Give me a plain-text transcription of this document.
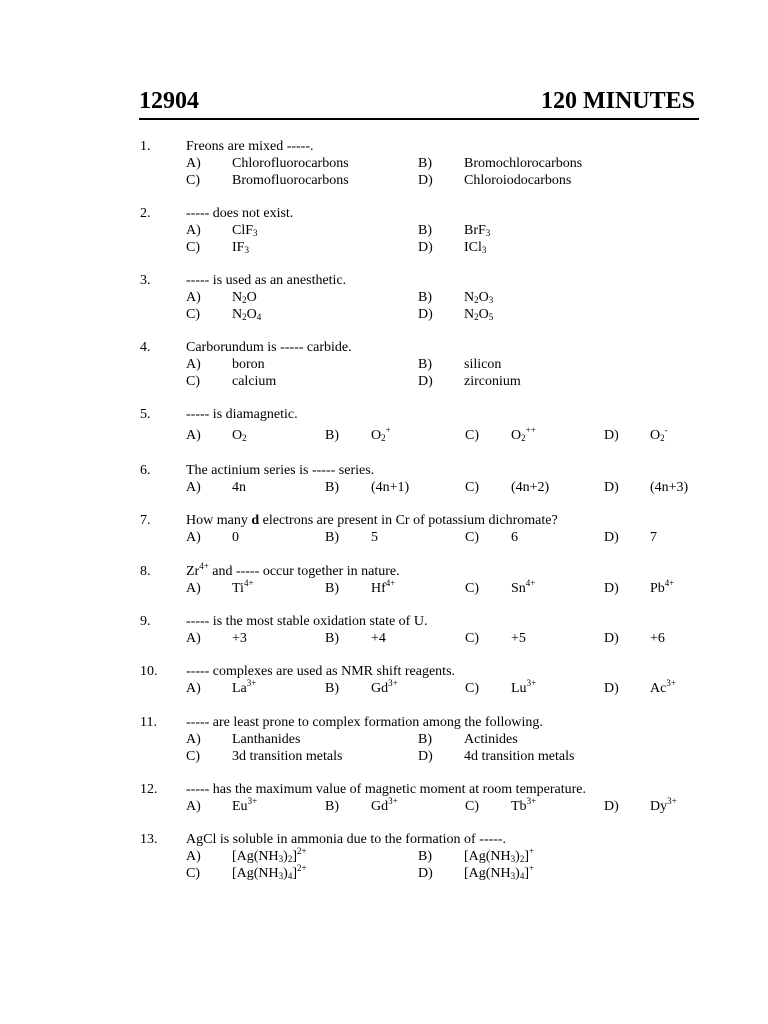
12904	120 MINUTES
1.	Freons are mixed -----.
A) Chlorofluorocarbons	B) Bromochlorocarbons
C) Bromofluorocarbons	D) Chloroiodocarbons
2.	----- does not exist.
A) ClF$_3$	B) BrF$_3$
C) $IF_3$	D) ICl$_3$
3.	----- is used as an anesthetic.
A) $N_2O$	B) $N_2O_3$
C) $N_2O_4$	D) $N_2O_5$
4.	Carborundum is ----- carbide.
A) boron	B) silicon
C) calcium	D) zirconium
5.	----- is diamagnetic.
A) $O_2$	B) $O_2^+$	C) $O_2^{++}$	D) $O_2^-$
6.	The actinium series is ----- series.
A) 4n	B) (4n+1)	C) (4n+2)	D) (4n+3)
7.	How many d electrons are present in Cr of potassium dichromate?
A) 0	B) 5	C) 6	D) 7
8.	$Zr^{4+}$ and ----- occur together in nature.
A) $Ti^{4+}$	B) $Hf^{4+}$	C) $Sn^{4+}$	D) $Pb^{4+}$
9.	----- is the most stable oxidation state of U.
A) +3	B) +4	C) +5	D) +6
10. ----- complexes are used as NMR shift reagents.
A) $La^{3+}$	B) $Gd^{3+}$	C) $Lu^{3+}$	D) $Ac^{3+}$
11. ----- are least prone to complex formation among the following.
A) Lanthanides	B) Actinides
C) 3d transition metals	D) 4d transition metals
12. ----- has the maximum value of magnetic moment at room temperature.
A) $Eu^{3+}$	B) $Gd^{3+}$	C) $Tb^{3+}$	D) $Dy^{3+}$
13. AgCl is soluble in ammonia due to the formation of -----.
A) $[Ag(NH_3)_2]^{2+}$	B) $[Ag(NH_3)_2]^+$
C) $[Ag(NH_3)_4]^{2+}$	D) $[Ag(NH_3)_4]^+$
